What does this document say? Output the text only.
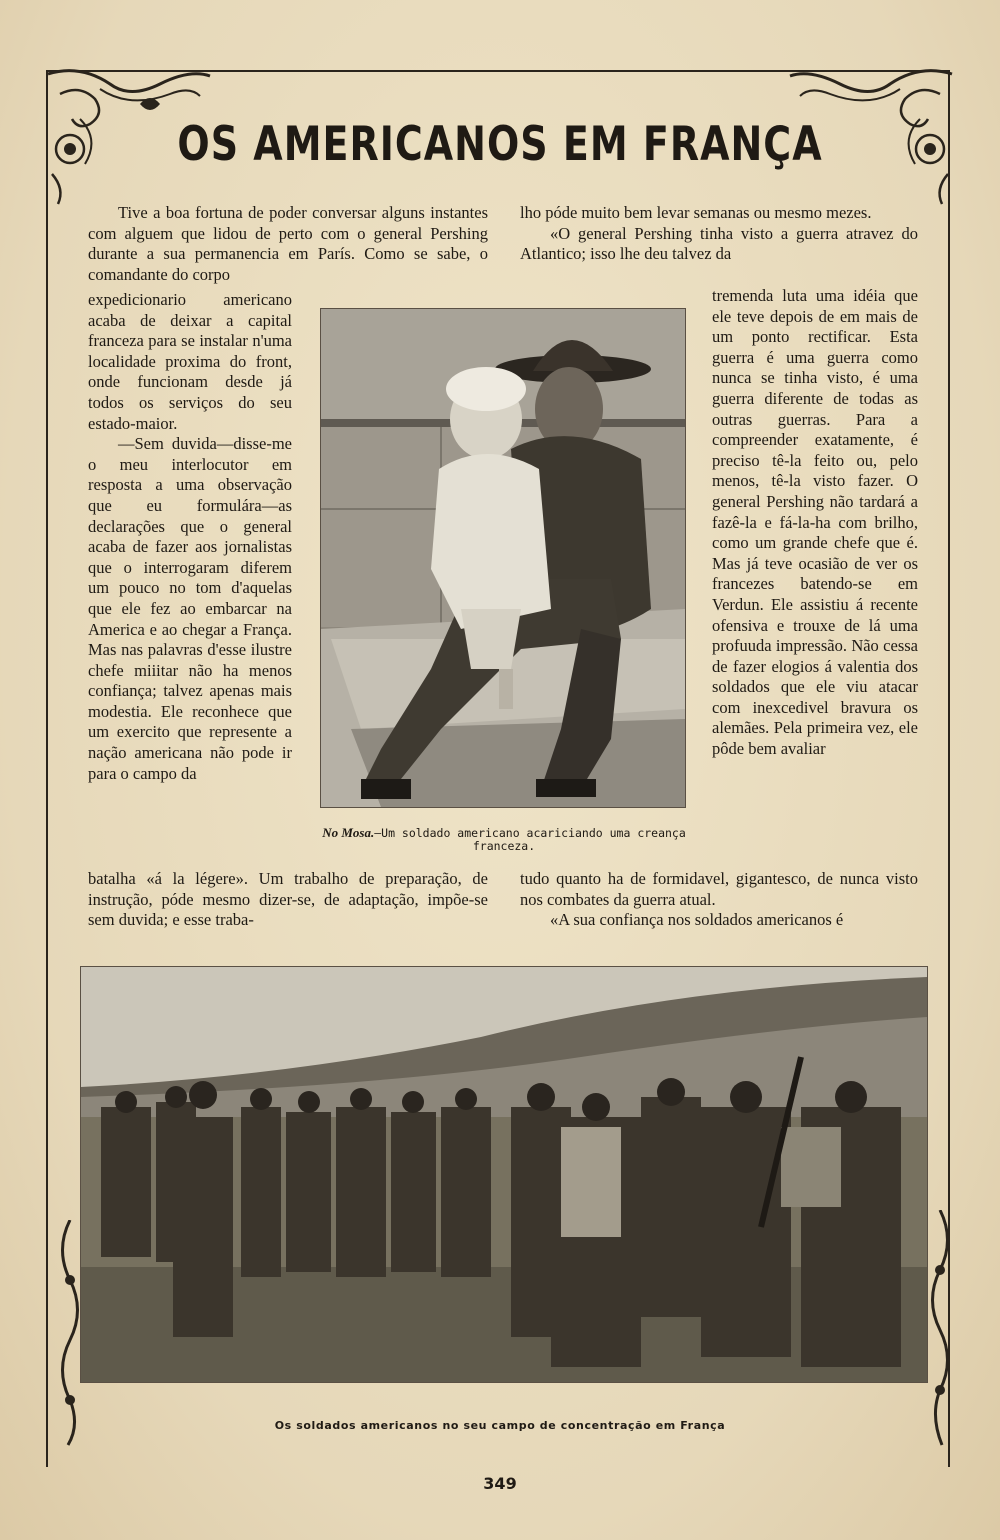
OS AMERICANOS EM FRANÇA

Tive a boa fortuna de poder conversar alguns instantes com alguem que lidou de perto com o general Pershing durante a sua permanencia em París. Como se sabe, o comandante do corpo

expedicionario americano acaba de deixar a capital franceza para se instalar n'uma localidade proxima do front, onde funcionam desde já todos os serviços do seu estado-maior.

—Sem duvida—disse-me o meu interlocutor em resposta a uma observação que eu formulára—as declarações que o general acaba de fazer aos jornalistas que o interrogaram diferem um pouco no tom d'aquelas que ele fez ao embarcar na America e ao chegar a França. Mas nas palavras d'esse ilustre chefe miiitar não ha menos confiança; talvez apenas mais modestia. Ele reconhece que um exercito que represente a nação americana não pode ir para o campo da

batalha «á la légere». Um trabalho de preparação, de instrução, póde mesmo dizer-se, de adaptação, impõe-se sem duvida; e esse traba-

lho póde muito bem levar semanas ou mesmo mezes.

«O general Pershing tinha visto a guerra atravez do Atlantico; isso lhe deu talvez da

tremenda luta uma idéia que ele teve depois de em mais de um ponto rectificar. Esta guerra é uma guerra como nunca se tinha visto, é uma guerra diferente de todas as outras guerras. Para a compreender exatamente, é preciso tê-la feito ou, pelo menos, tê-la visto fazer. O general Pershing não tardará a fazê-la e fá-la-ha com brilho, como um grande chefe que é. Mas já teve ocasião de ver os francezes batendo-se em Verdun. Ele assistiu á recente ofensiva e trouxe de lá uma profuuda impressão. Não cessa de fazer elogios á valentia dos soldados que ele viu atacar com inexcedivel bravura os alemães. Pela primeira vez, ele pôde bem avaliar

tudo quanto ha de formidavel, gigantesco, de nunca visto nos combates da guerra atual.

«A sua confiança nos soldados americanos é

No Mosa.—Um soldado americano acariciando uma creança franceza.
Os soldados americanos no seu campo de concentração em França
349
